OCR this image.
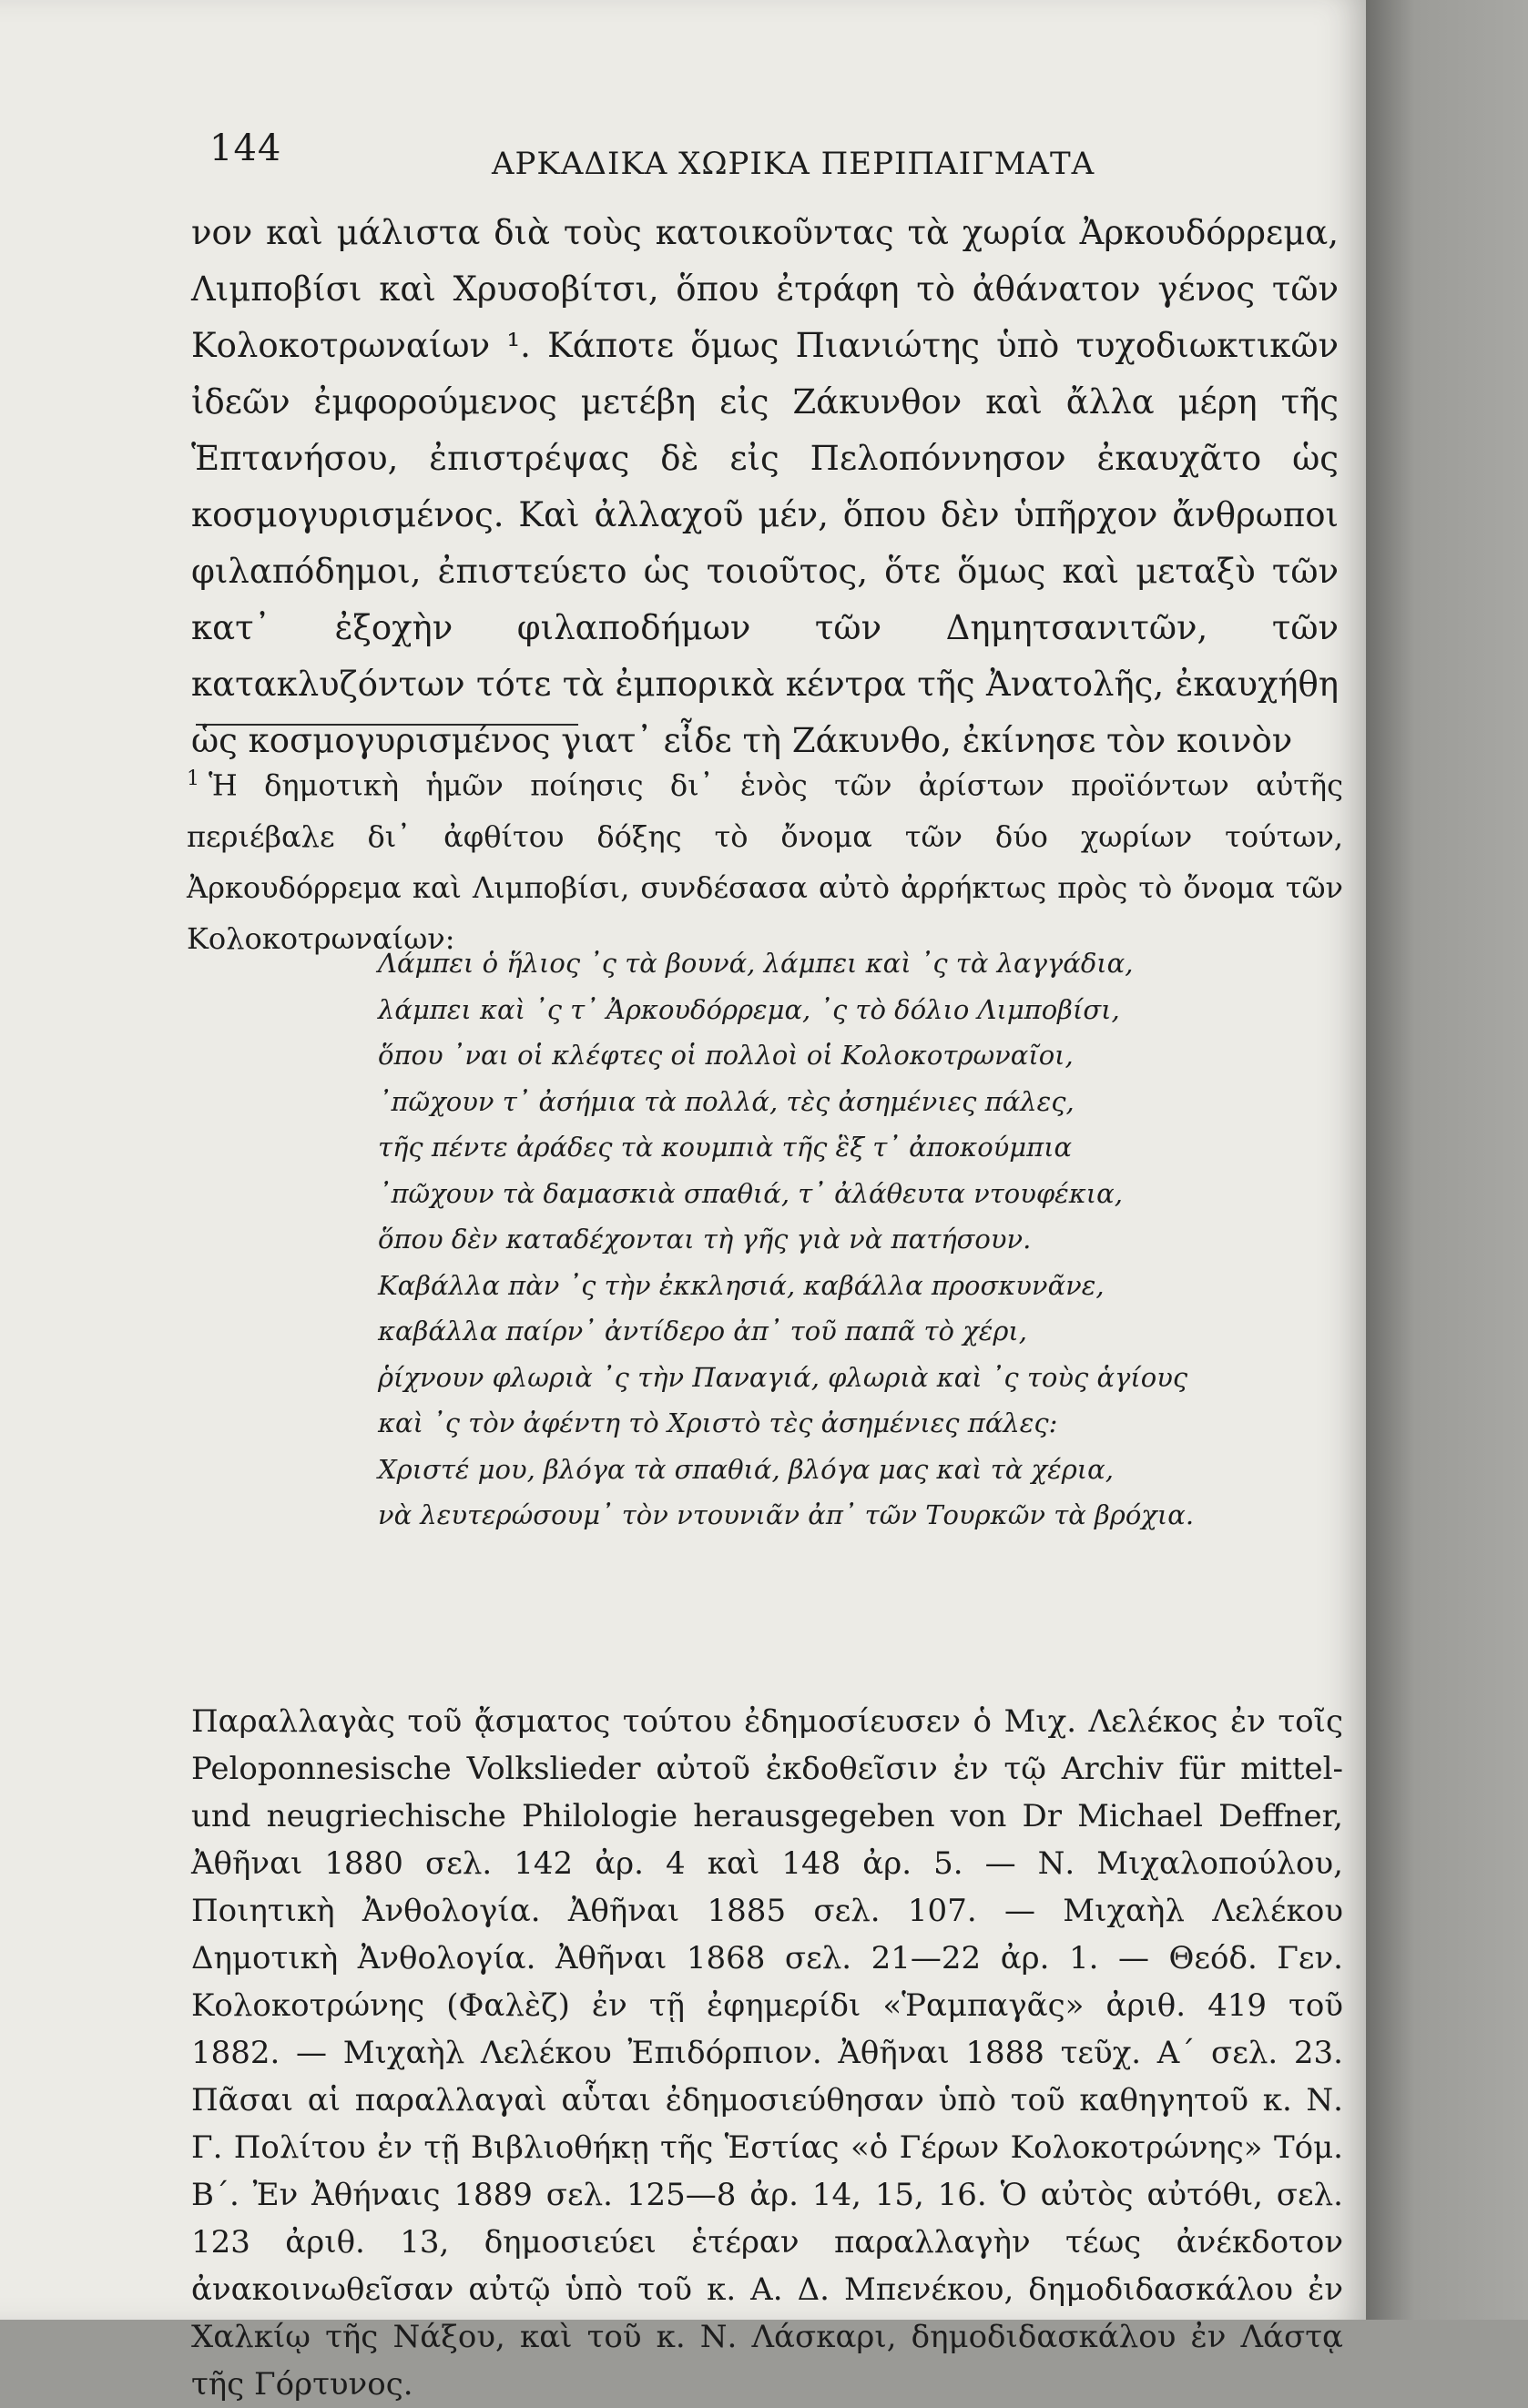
144	ΑΡΚΑΔΙΚΑ ΧΩΡΙΚΑ ΠΕΡΙΠΑΙΓΜΑΤΑ

νον καὶ μάλιστα διὰ τοὺς κατοικοῦντας τὰ χωρία Ἀρκουδόρρεμα, Λιμποβίσι καὶ Χρυσοβίτσι, ὅπου ἐτράφη τὸ ἀθάνατον γένος τῶν Κολοκοτρωναίων ¹. Κάποτε ὅμως Πιανιώτης ὑπὸ τυχοδιωκτικῶν ἰδεῶν ἐμφορούμενος μετέβη εἰς Ζάκυνθον καὶ ἄλλα μέρη τῆς Ἑπτανήσου, ἐπιστρέψας δὲ εἰς Πελοπόννησον ἐκαυχᾶτο ὡς κοσμογυρισμένος. Καὶ ἀλλαχοῦ μέν, ὅπου δὲν ὑπῆρχον ἄνθρωποι φιλαπόδημοι, ἐπιστεύετο ὡς τοιοῦτος, ὅτε ὅμως καὶ μεταξὺ τῶν κατ᾽ ἐξοχὴν φιλαποδήμων τῶν Δημητσανιτῶν, τῶν κατακλυζόντων τότε τὰ ἐμπορικὰ κέντρα τῆς Ἀνατολῆς, ἐκαυχήθη ὡς κοσμογυρισμένος γιατ᾽ εἶδε τὴ Ζάκυνθο, ἐκίνησε τὸν κοινὸν

$^1$ Ἡ δημοτικὴ ἡμῶν ποίησις δι᾽ ἑνὸς τῶν ἀρίστων προϊόντων αὐτῆς περιέβαλε δι᾽ ἀφθίτου δόξης τὸ ὄνομα τῶν δύο χωρίων τούτων, Ἀρκουδόρρεμα καὶ Λιμποβίσι, συνδέσασα αὐτὸ ἀρρήκτως πρὸς τὸ ὄνομα τῶν Κολοκοτρωναίων:

Λάμπει ὁ ἥλιος ᾽ς τὰ βουνά, λάμπει καὶ ᾽ς τὰ λαγγάδια,
λάμπει καὶ ᾽ς τ᾽ Ἀρκουδόρρεμα, ᾽ς τὸ δόλιο Λιμποβίσι,
ὅπου ᾽ναι οἱ κλέφτες οἱ πολλοὶ οἱ Κολοκοτρωναῖοι,
᾽πῶχουν τ᾽ ἀσήμια τὰ πολλά, τὲς ἀσημένιες πάλες,
τῆς πέντε ἀράδες τὰ κουμπιὰ τῆς ἓξ τ᾽ ἀποκούμπια
᾽πῶχουν τὰ δαμασκιὰ σπαθιά, τ᾽ ἀλάθευτα ντουφέκια,
ὅπου δὲν καταδέχονται τὴ γῆς γιὰ νὰ πατήσουν.
Καβάλλα πὰν ᾽ς τὴν ἐκκλησιά, καβάλλα προσκυνᾶνε,
καβάλλα παίρν᾽ ἀντίδερο ἀπ᾽ τοῦ παπᾶ τὸ χέρι,
ῥίχνουν φλωριὰ ᾽ς τὴν Παναγιά, φλωριὰ καὶ ᾽ς τοὺς ἁγίους
καὶ ᾽ς τὸν ἀφέντη τὸ Χριστὸ τὲς ἀσημένιες πάλες:
Χριστέ μου, βλόγα τὰ σπαθιά, βλόγα μας καὶ τὰ χέρια,
νὰ λευτερώσουμ᾽ τὸν ντουνιᾶν ἀπ᾽ τῶν Τουρκῶν τὰ βρόχια.

Παραλλαγὰς τοῦ ᾄσματος τούτου ἐδημοσίευσεν ὁ Μιχ. Λελέκος ἐν τοῖς Peloponnesische Volkslieder αὐτοῦ ἐκδοθεῖσιν ἐν τῷ Archiv für mittel-und neugriechische Philologie herausgegeben von Dr Michael Deffner, Ἀθῆναι 1880 σελ. 142 ἀρ. 4 καὶ 148 ἀρ. 5. — Ν. Μιχαλοπούλου, Ποιητικὴ Ἀνθολογία. Ἀθῆναι 1885 σελ. 107. — Μιχαὴλ Λελέκου Δημοτικὴ Ἀνθολογία. Ἀθῆναι 1868 σελ. 21—22 ἀρ. 1. — Θεόδ. Γεν. Κολοκοτρώνης (Φαλὲζ) ἐν τῇ ἐφημερίδι «Ῥαμπαγᾶς» ἀριθ. 419 τοῦ 1882. — Μιχαὴλ Λελέκου Ἐπιδόρπιον. Ἀθῆναι 1888 τεῦχ. Α΄ σελ. 23. Πᾶσαι αἱ παραλλαγαὶ αὗται ἐδημοσιεύθησαν ὑπὸ τοῦ καθηγητοῦ κ. Ν. Γ. Πολίτου ἐν τῇ Βιβλιοθήκῃ τῆς Ἑστίας «ὁ Γέρων Κολοκοτρώνης» Τόμ. Β΄. Ἐν Ἀθήναις 1889 σελ. 125—8 ἀρ. 14, 15, 16. Ὁ αὐτὸς αὐτόθι, σελ. 123 ἀριθ. 13, δημοσιεύει ἑτέραν παραλλαγὴν τέως ἀνέκδοτον ἀνακοινωθεῖσαν αὐτῷ ὑπὸ τοῦ κ. Α. Δ. Μπενέκου, δημοδιδασκάλου ἐν Χαλκίῳ τῆς Νάξου, καὶ τοῦ κ. Ν. Λάσκαρι, δημοδιδασκάλου ἐν Λάστᾳ τῆς Γόρτυνος.
